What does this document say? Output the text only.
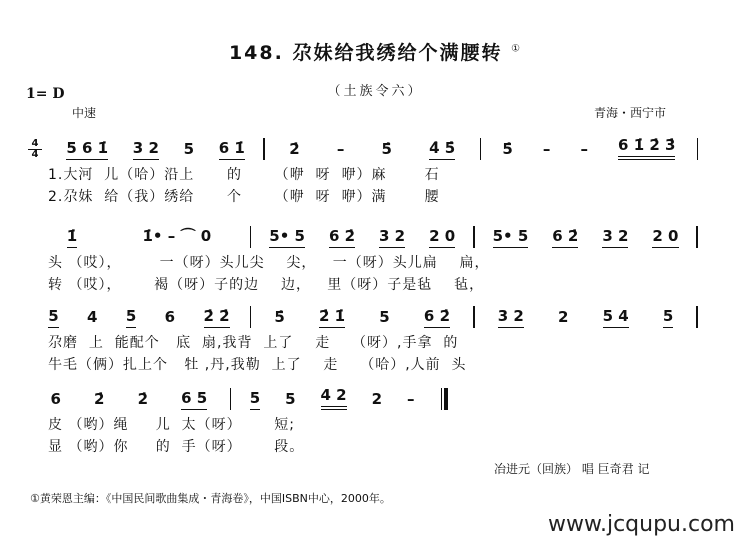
148. 尕妹给我绣给个满腰转 ①
（土族令六）
1= D
中速	青海・西宁市
4
4 5 6 1̇ 3 2 5 6 1̇	2̇ – 5̇ 4̇ 5̇	5̇ – – 6 1̇ 2̇ 3̇
1.大河  儿（哈）沿上      的      （咿  呀  咿）麻       石
2.尕妹  给（我）绣给      个      （咿  呀  咿）满       腰
1̇	1̇• – ⌒ 0	5• 5 6 2̇ 3 2 2 0 5• 5 6 2̇ 3 2 2 0
头 （哎），       一（呀）头儿尖    尖，   一（呀）头儿扁    扁，
转 （哎），      褐（呀）子的边    边，   里（呀）子是毡    毡，
5 4 5 6 2̇ 2̇	5̇ 2̇ 1̇ 5 6 2̇	3 2 2 5 4 5
尕磨  上  能配个   底  扇,我背  上了    走    （呀）,手拿  的
牛毛（俩）扎上个   牡 ,丹,我勒  上了    走    （哈）,人前  头
6 2̇ 2̇ 6 5	5 5 4 2 2 –
皮 （哟）绳     儿  太（呀）      短;
显 （哟）你     的  手（呀）      段。
冶进元（回族） 唱 巨奇君 记
①黄荣恩主编：《中国民间歌曲集成・青海卷》，中国ISBN中心，2000年。
www.jcqupu.com
